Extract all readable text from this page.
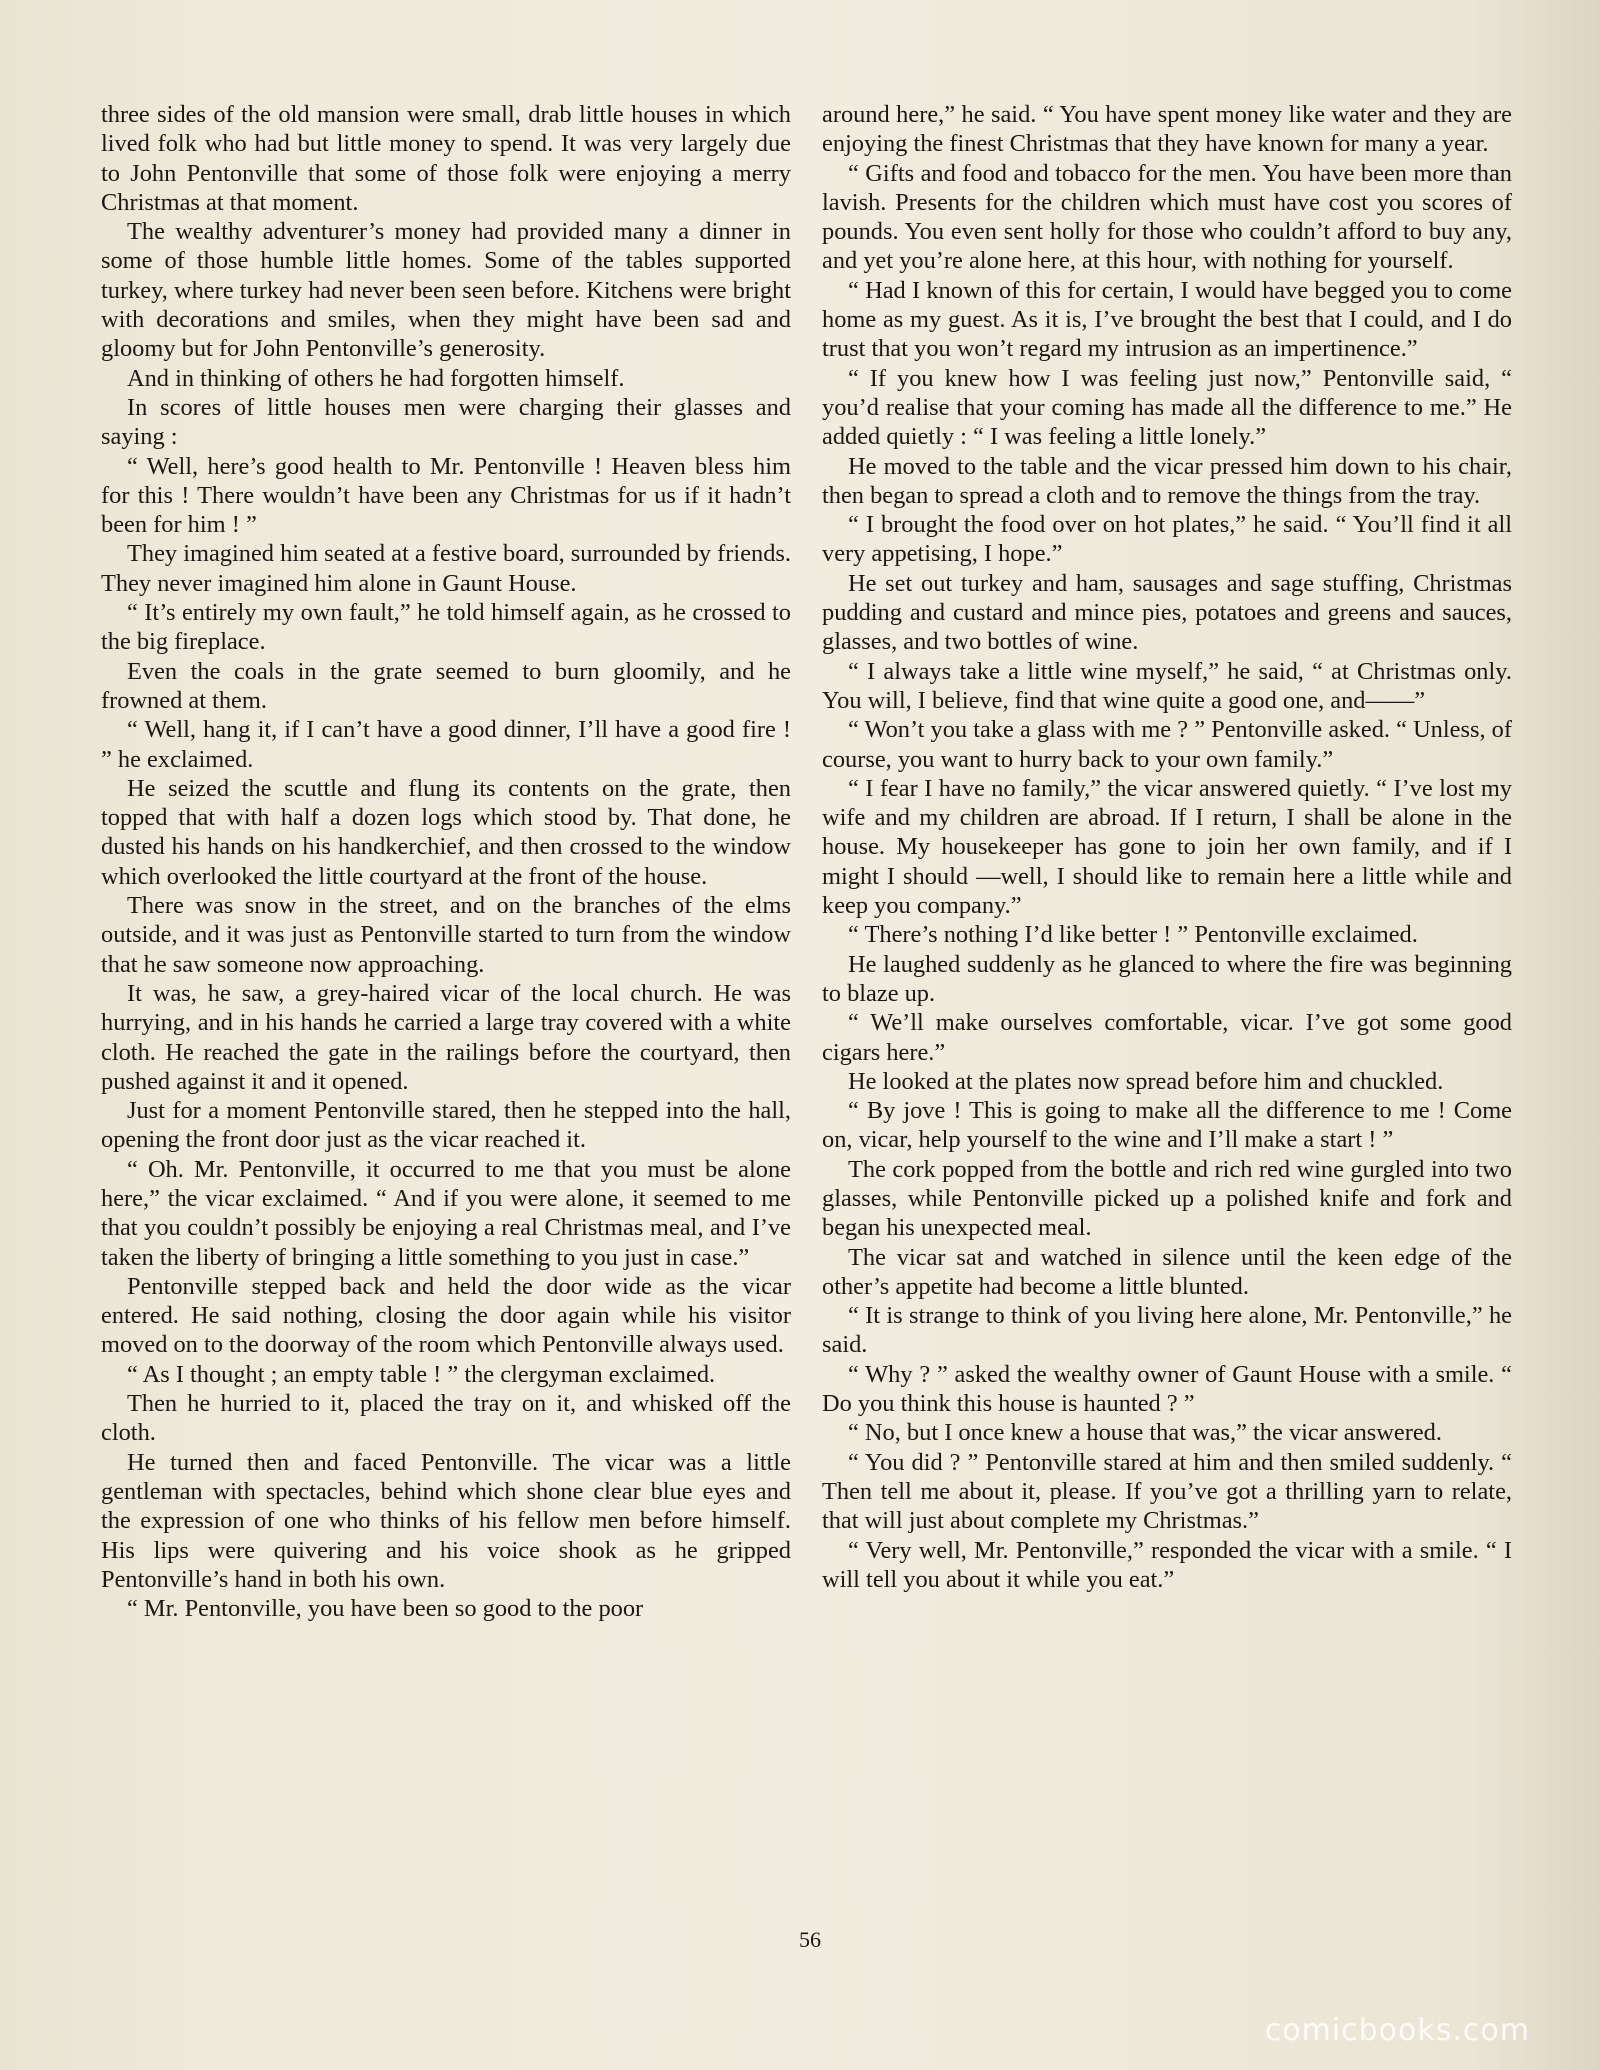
three sides of the old mansion were small, drab little houses in which lived folk who had but little money to spend. It was very largely due to John Pentonville that some of those folk were enjoying a merry Christmas at that moment.

The wealthy adventurer’s money had provided many a dinner in some of those humble little homes. Some of the tables supported turkey, where turkey had never been seen before. Kitchens were bright with decorations and smiles, when they might have been sad and gloomy but for John Pentonville’s generosity.

And in thinking of others he had forgotten himself.

In scores of little houses men were charging their glasses and saying :

“ Well, here’s good health to Mr. Pentonville ! Heaven bless him for this ! There wouldn’t have been any Christmas for us if it hadn’t been for him ! ”

They imagined him seated at a festive board, surrounded by friends. They never imagined him alone in Gaunt House.

“ It’s entirely my own fault,” he told himself again, as he crossed to the big fireplace.

Even the coals in the grate seemed to burn gloomily, and he frowned at them.

“ Well, hang it, if I can’t have a good dinner, I’ll have a good fire ! ” he exclaimed.

He seized the scuttle and flung its contents on the grate, then topped that with half a dozen logs which stood by. That done, he dusted his hands on his handkerchief, and then crossed to the window which overlooked the little courtyard at the front of the house.

There was snow in the street, and on the branches of the elms outside, and it was just as Pentonville started to turn from the window that he saw someone now approaching.

It was, he saw, a grey-haired vicar of the local church. He was hurrying, and in his hands he carried a large tray covered with a white cloth. He reached the gate in the railings before the courtyard, then pushed against it and it opened.

Just for a moment Pentonville stared, then he stepped into the hall, opening the front door just as the vicar reached it.

“ Oh. Mr. Pentonville, it occurred to me that you must be alone here,” the vicar exclaimed. “ And if you were alone, it seemed to me that you couldn’t possibly be enjoying a real Christmas meal, and I’ve taken the liberty of bringing a little something to you just in case.”

Pentonville stepped back and held the door wide as the vicar entered. He said nothing, closing the door again while his visitor moved on to the doorway of the room which Pentonville always used.

“ As I thought ; an empty table ! ” the clergyman exclaimed.

Then he hurried to it, placed the tray on it, and whisked off the cloth.

He turned then and faced Pentonville. The vicar was a little gentleman with spectacles, behind which shone clear blue eyes and the expression of one who thinks of his fellow men before himself. His lips were quivering and his voice shook as he gripped Pentonville’s hand in both his own.

“ Mr. Pentonville, you have been so good to the poor

around here,” he said. “ You have spent money like water and they are enjoying the finest Christmas that they have known for many a year.

“ Gifts and food and tobacco for the men. You have been more than lavish. Presents for the children which must have cost you scores of pounds. You even sent holly for those who couldn’t afford to buy any, and yet you’re alone here, at this hour, with nothing for yourself.

“ Had I known of this for certain, I would have begged you to come home as my guest. As it is, I’ve brought the best that I could, and I do trust that you won’t regard my intrusion as an impertinence.”

“ If you knew how I was feeling just now,” Pentonville said, “ you’d realise that your coming has made all the difference to me.” He added quietly : “ I was feeling a little lonely.”

He moved to the table and the vicar pressed him down to his chair, then began to spread a cloth and to remove the things from the tray.

“ I brought the food over on hot plates,” he said. “ You’ll find it all very appetising, I hope.”

He set out turkey and ham, sausages and sage stuffing, Christmas pudding and custard and mince pies, potatoes and greens and sauces, glasses, and two bottles of wine.

“ I always take a little wine myself,” he said, “ at Christmas only. You will, I believe, find that wine quite a good one, and——”

“ Won’t you take a glass with me ? ” Pentonville asked. “ Unless, of course, you want to hurry back to your own family.”

“ I fear I have no family,” the vicar answered quietly. “ I’ve lost my wife and my children are abroad. If I return, I shall be alone in the house. My housekeeper has gone to join her own family, and if I might I should —well, I should like to remain here a little while and keep you company.”

“ There’s nothing I’d like better ! ” Pentonville exclaimed.

He laughed suddenly as he glanced to where the fire was beginning to blaze up.

“ We’ll make ourselves comfortable, vicar. I’ve got some good cigars here.”

He looked at the plates now spread before him and chuckled.

“ By jove ! This is going to make all the difference to me ! Come on, vicar, help yourself to the wine and I’ll make a start ! ”

The cork popped from the bottle and rich red wine gurgled into two glasses, while Pentonville picked up a polished knife and fork and began his unexpected meal.

The vicar sat and watched in silence until the keen edge of the other’s appetite had become a little blunted.

“ It is strange to think of you living here alone, Mr. Pentonville,” he said.

“ Why ? ” asked the wealthy owner of Gaunt House with a smile. “ Do you think this house is haunted ? ”

“ No, but I once knew a house that was,” the vicar answered.

“ You did ? ” Pentonville stared at him and then smiled suddenly. “ Then tell me about it, please. If you’ve got a thrilling yarn to relate, that will just about complete my Christmas.”

“ Very well, Mr. Pentonville,” responded the vicar with a smile. “ I will tell you about it while you eat.”

56
comicbooks.com
